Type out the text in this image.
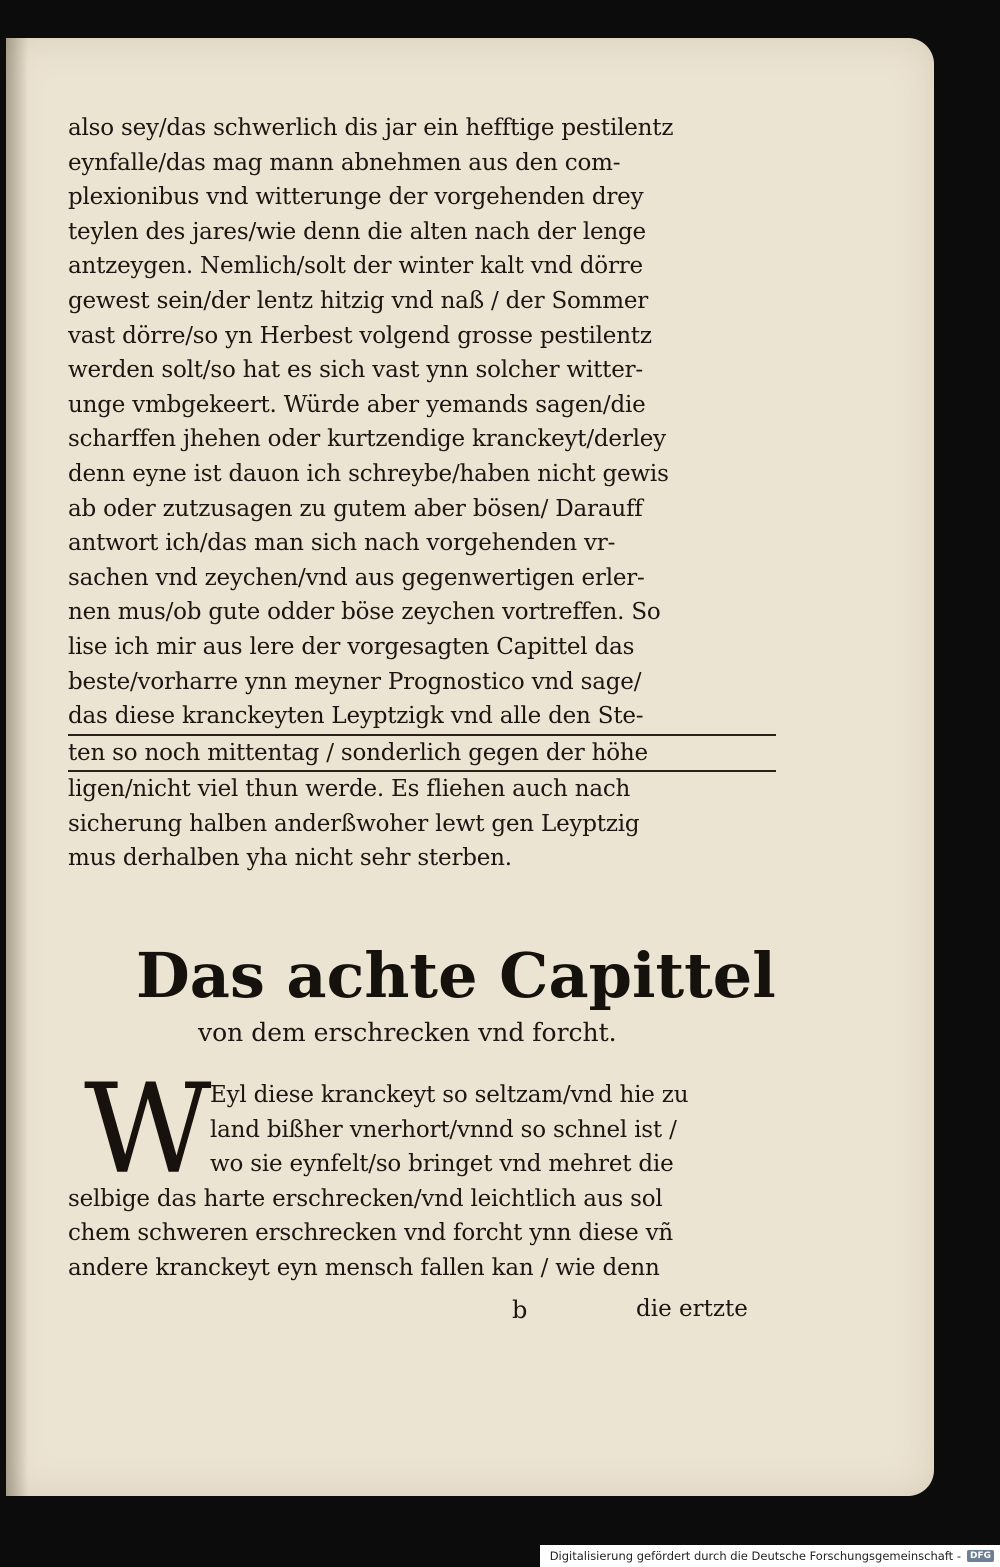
also sey/das schwerlich dis jar ein hefftige pestilentz
eynfalle/das mag mann abnehmen aus den com-
plexionibus vnd witterunge der vorgehenden drey
teylen des jares/wie denn die alten nach der lenge
antzeygen. Nemlich/solt der winter kalt vnd dörre
gewest sein/der lentz hitzig vnd naß / der Sommer
vast dörre/so yn Herbest volgend grosse pestilentz
werden solt/so hat es sich vast ynn solcher witter-
unge vmbgekeert. Würde aber yemands sagen/die
scharffen jhehen oder kurtzendige kranckeyt/derley
denn eyne ist dauon ich schreybe/haben nicht gewis
ab oder zutzusagen zu gutem aber bösen/ Darauff
antwort ich/das man sich nach vorgehenden vr-
sachen vnd zeychen/vnd aus gegenwertigen erler-
nen mus/ob gute odder böse zeychen vortreffen. So
lise ich mir aus lere der vorgesagten Capittel das
beste/vorharre ynn meyner Prognostico vnd sage/
das diese kranckeyten Leyptzigk vnd alle den Ste-
ten so noch mittentag / sonderlich gegen der höhe
ligen/nicht viel thun werde. Es fliehen auch nach
sicherung halben anderßwoher lewt gen Leyptzig
mus derhalben yha nicht sehr sterben.
Das achte Capittel
von dem erschrecken vnd forcht.
W
Eyl diese kranckeyt so seltzam/vnd hie zu
land bißher vnerhort/vnnd so schnel ist /
wo sie eynfelt/so bringet vnd mehret die
selbige das harte erschrecken/vnd leichtlich aus sol
chem schweren erschrecken vnd forcht ynn diese vñ
andere kranckeyt eyn mensch fallen kan / wie denn
b	die ertzte
Digitalisierung gefördert durch die Deutsche Forschungsgemeinschaft -	DFG
